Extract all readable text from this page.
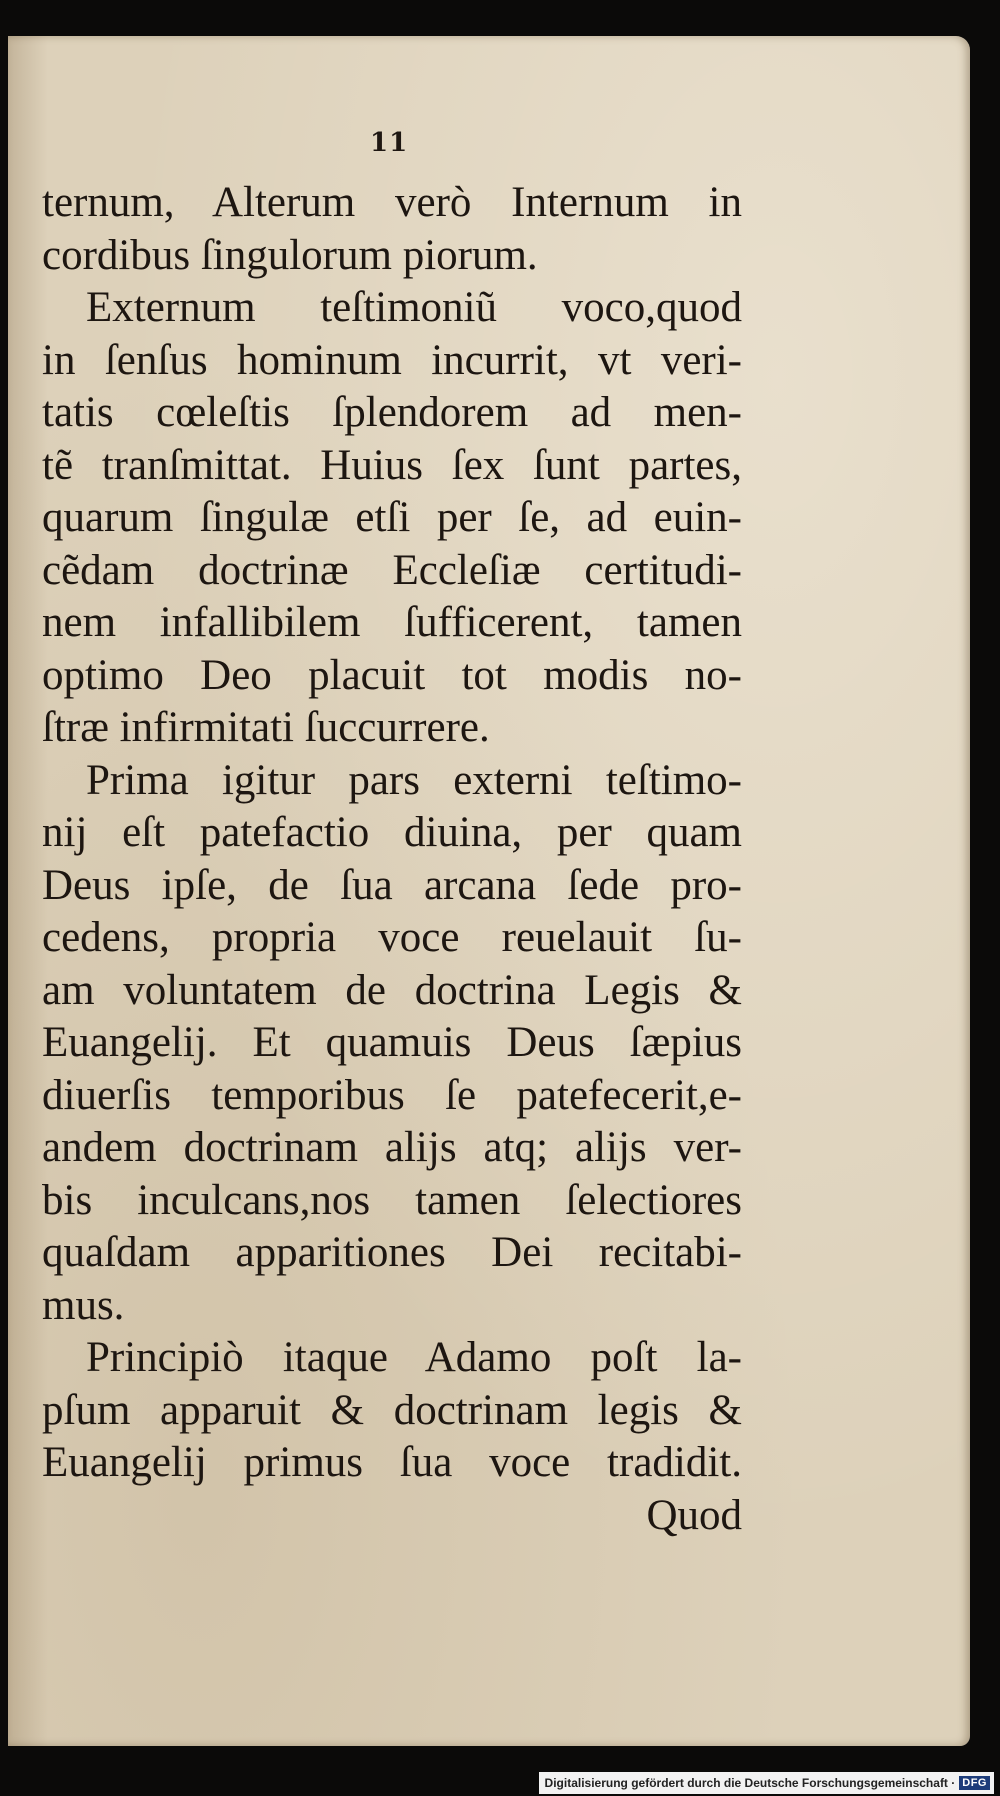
11
ternum, Alterum verò Internum in
cordibus ſingulorum piorum.
Externum teſtimoniũ voco,quod
in ſenſus hominum incurrit, vt veri-
tatis cœleſtis ſplendorem ad men-
tẽ tranſmittat. Huius ſex ſunt partes,
quarum ſingulæ etſi per ſe, ad euin-
cẽdam doctrinæ Eccleſiæ certitudi-
nem infallibilem ſufficerent, tamen
optimo Deo placuit tot modis no-
ſtræ infirmitati ſuccurrere.
Prima igitur pars externi teſtimo-
nij eſt patefactio diuina, per quam
Deus ipſe, de ſua arcana ſede pro-
cedens, propria voce reuelauit ſu-
am voluntatem de doctrina Legis &
Euangelij. Et quamuis Deus ſæpius
diuerſis temporibus ſe patefecerit,e-
andem doctrinam alijs atq; alijs ver-
bis inculcans,nos tamen ſelectiores
quaſdam apparitiones Dei recitabi-
mus.
Principiò itaque Adamo poſt la-
pſum apparuit & doctrinam legis &
Euangelij primus ſua voce tradidit.
Quod
Digitalisierung gefördert durch die Deutsche Forschungsgemeinschaft · DFG
